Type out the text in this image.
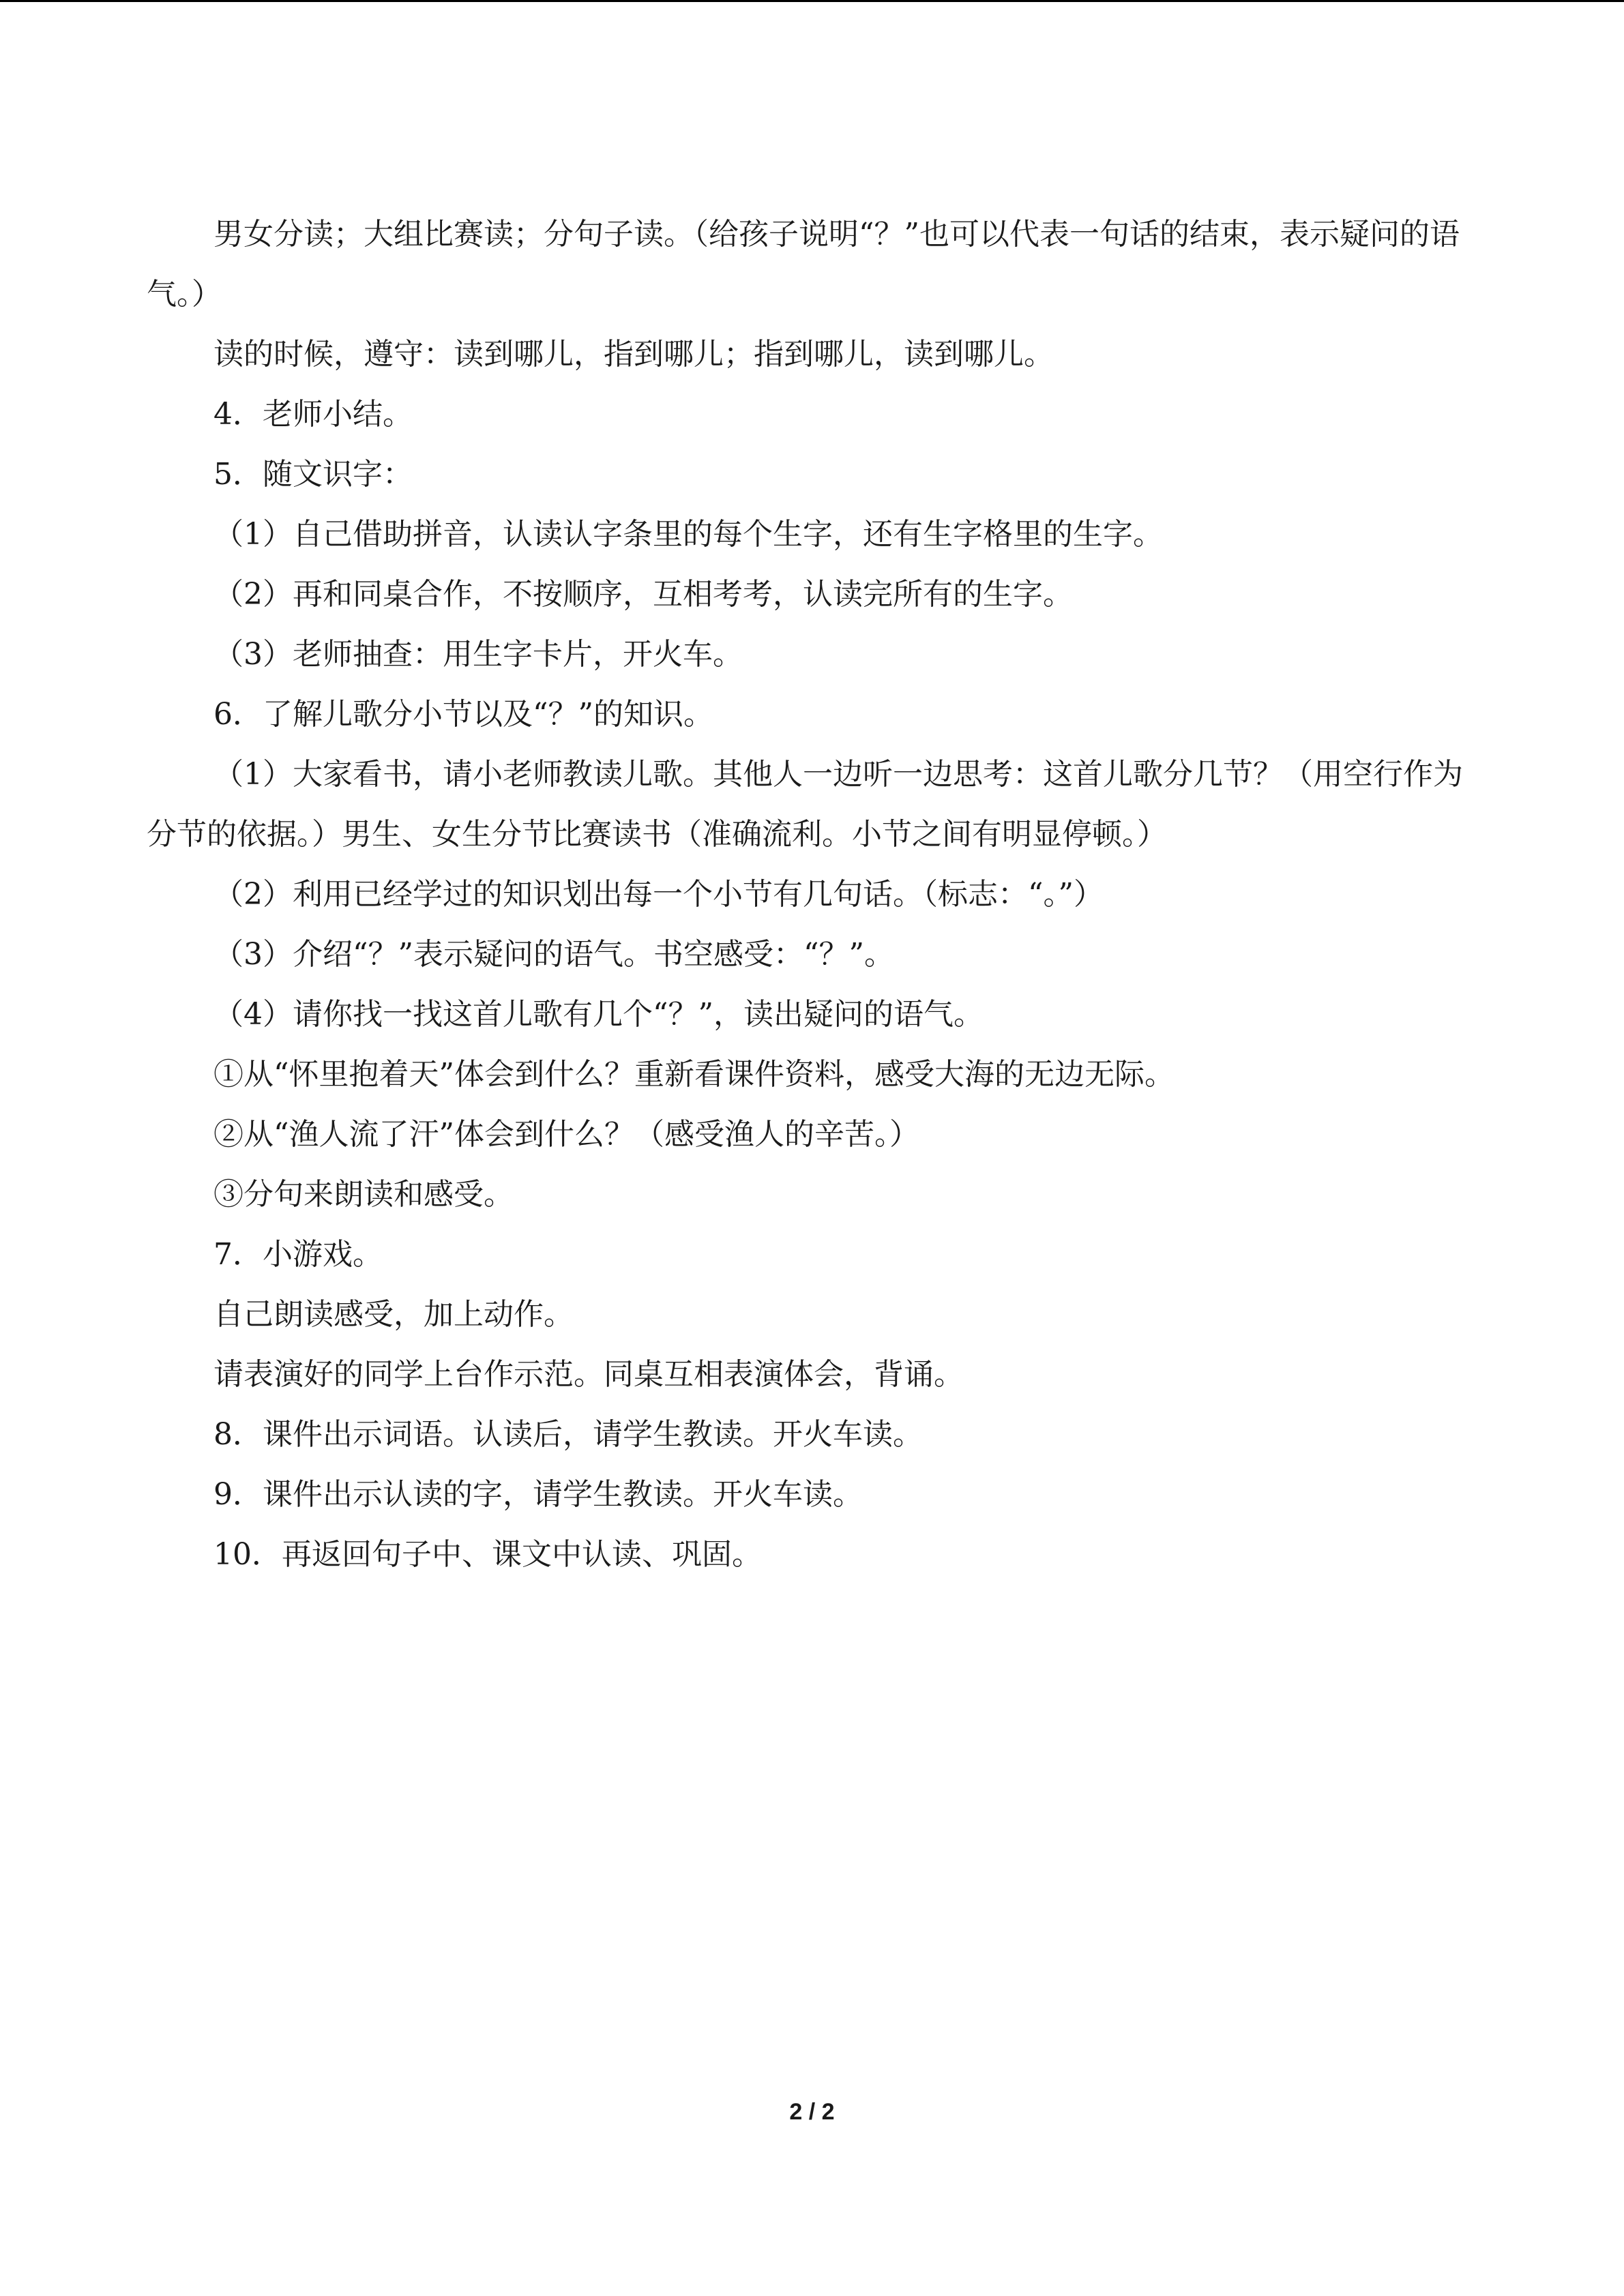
男女分读；大组比赛读；分句子读。（给孩子说明“？”也可以代表一句话的结束，表示疑问的语气。）

读的时候，遵守：读到哪儿，指到哪儿；指到哪儿，读到哪儿。

4．老师小结。

5．随文识字：

（1）自己借助拼音，认读认字条里的每个生字，还有生字格里的生字。

（2）再和同桌合作，不按顺序，互相考考，认读完所有的生字。

（3）老师抽查：用生字卡片，开火车。

6．了解儿歌分小节以及“？”的知识。

（1）大家看书，请小老师教读儿歌。其他人一边听一边思考：这首儿歌分几节？（用空行作为分节的依据。）男生、女生分节比赛读书（准确流利。小节之间有明显停顿。）

（2）利用已经学过的知识划出每一个小节有几句话。（标志：“。”）

（3）介绍“？”表示疑问的语气。书空感受：“？”。

（4）请你找一找这首儿歌有几个“？”，读出疑问的语气。

①从“怀里抱着天”体会到什么？重新看课件资料，感受大海的无边无际。

②从“渔人流了汗”体会到什么？（感受渔人的辛苦。）

③分句来朗读和感受。

7．小游戏。

自己朗读感受，加上动作。

请表演好的同学上台作示范。同桌互相表演体会，背诵。

8．课件出示词语。认读后，请学生教读。开火车读。

9．课件出示认读的字，请学生教读。开火车读。

10．再返回句子中、课文中认读、巩固。

2 / 2
